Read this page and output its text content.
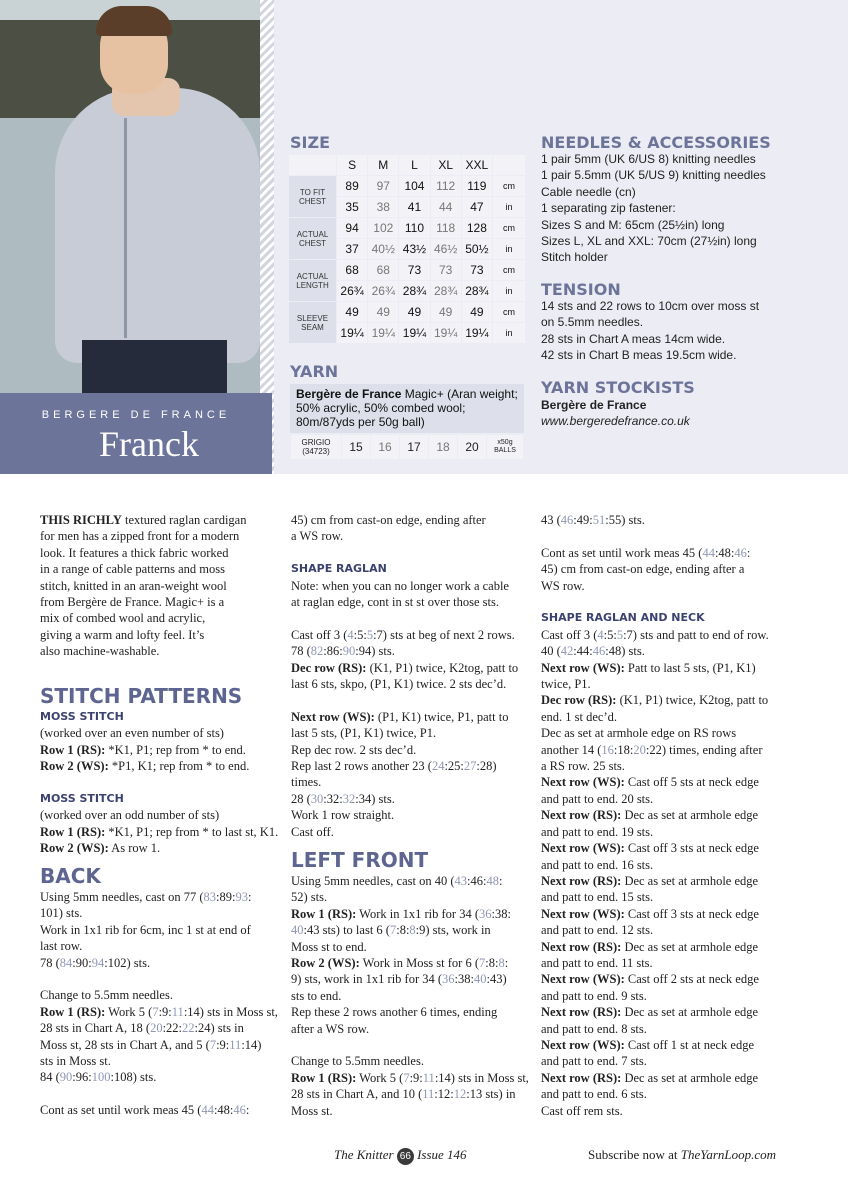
BERGERE DE FRANCE
Franck
SIZE
	S	M	L	XL	XXL	
TO FIT CHEST	89	97	104	112	119	cm
	35	38	41	44	47	in
ACTUAL CHEST	94	102	110	118	128	cm
	37	40½	43½	46½	50½	in
ACTUAL LENGTH	68	68	73	73	73	cm
	26¾	26¾	28¾	28¾	28¾	in
SLEEVE SEAM	49	49	49	49	49	cm
	19¼	19¼	19¼	19¼	19¼	in
YARN
Bergère de France Magic+ (Aran weight; 50% acrylic, 50% combed wool; 80m/87yds per 50g ball)
GRIGIO (34723)	15	16	17	18	20	x50g BALLS
NEEDLES & ACCESSORIES
1 pair 5mm (UK 6/US 8) knitting needles
1 pair 5.5mm (UK 5/US 9) knitting needles
Cable needle (cn)
1 separating zip fastener:
Sizes S and M: 65cm (25½in) long
Sizes L, XL and XXL: 70cm (27½in) long
Stitch holder
TENSION
14 sts and 22 rows to 10cm over moss st
on 5.5mm needles.
28 sts in Chart A meas 14cm wide.
42 sts in Chart B meas 19.5cm wide.
YARN STOCKISTS
Bergère de France
www.bergeredefrance.co.uk

THIS RICHLY textured raglan cardigan

for men has a zipped front for a modern

look. It features a thick fabric worked

in a range of cable patterns and moss

stitch, knitted in an aran-weight wool

from Bergère de France. Magic+ is a

mix of combed wool and acrylic,

giving a warm and lofty feel. It’s

also machine-washable.

STITCH PATTERNS

MOSS STITCH

(worked over an even number of sts)

Row 1 (RS): *K1, P1; rep from * to end.

Row 2 (WS): *P1, K1; rep from * to end.

MOSS STITCH

(worked over an odd number of sts)

Row 1 (RS): *K1, P1; rep from * to last st, K1.

Row 2 (WS): As row 1.

BACK

Using 5mm needles, cast on 77 (83:89:93:

101) sts.

Work in 1x1 rib for 6cm, inc 1 st at end of

last row.

78 (84:90:94:102) sts.

Change to 5.5mm needles.

Row 1 (RS): Work 5 (7:9:11:14) sts in Moss st,

28 sts in Chart A, 18 (20:22:22:24) sts in

Moss st, 28 sts in Chart A, and 5 (7:9:11:14)

sts in Moss st.

84 (90:96:100:108) sts.

Cont as set until work meas 45 (44:48:46:

45) cm from cast-on edge, ending after

a WS row.

SHAPE RAGLAN

Note: when you can no longer work a cable

at raglan edge, cont in st st over those sts.

Cast off 3 (4:5:5:7) sts at beg of next 2 rows.

78 (82:86:90:94) sts.

Dec row (RS): (K1, P1) twice, K2tog, patt to

last 6 sts, skpo, (P1, K1) twice. 2 sts dec’d.

Next row (WS): (P1, K1) twice, P1, patt to

last 5 sts, (P1, K1) twice, P1.

Rep dec row. 2 sts dec’d.

Rep last 2 rows another 23 (24:25:27:28)

times.

28 (30:32:32:34) sts.

Work 1 row straight.

Cast off.

LEFT FRONT

Using 5mm needles, cast on 40 (43:46:48:

52) sts.

Row 1 (RS): Work in 1x1 rib for 34 (36:38:

40:43 sts) to last 6 (7:8:8:9) sts, work in

Moss st to end.

Row 2 (WS): Work in Moss st for 6 (7:8:8:

9) sts, work in 1x1 rib for 34 (36:38:40:43)

sts to end.

Rep these 2 rows another 6 times, ending

after a WS row.

Change to 5.5mm needles.

Row 1 (RS): Work 5 (7:9:11:14) sts in Moss st,

28 sts in Chart A, and 10 (11:12:12:13 sts) in

Moss st.

43 (46:49:51:55) sts.

Cont as set until work meas 45 (44:48:46:

45) cm from cast-on edge, ending after a

WS row.

SHAPE RAGLAN AND NECK

Cast off 3 (4:5:5:7) sts and patt to end of row.

40 (42:44:46:48) sts.

Next row (WS): Patt to last 5 sts, (P1, K1)

twice, P1.

Dec row (RS): (K1, P1) twice, K2tog, patt to

end. 1 st dec’d.

Dec as set at armhole edge on RS rows

another 14 (16:18:20:22) times, ending after

a RS row. 25 sts.

Next row (WS): Cast off 5 sts at neck edge

and patt to end. 20 sts.

Next row (RS): Dec as set at armhole edge

and patt to end. 19 sts.

Next row (WS): Cast off 3 sts at neck edge

and patt to end. 16 sts.

Next row (RS): Dec as set at armhole edge

and patt to end. 15 sts.

Next row (WS): Cast off 3 sts at neck edge

and patt to end. 12 sts.

Next row (RS): Dec as set at armhole edge

and patt to end. 11 sts.

Next row (WS): Cast off 2 sts at neck edge

and patt to end. 9 sts.

Next row (RS): Dec as set at armhole edge

and patt to end. 8 sts.

Next row (WS): Cast off 1 st at neck edge

and patt to end. 7 sts.

Next row (RS): Dec as set at armhole edge

and patt to end. 6 sts.

Cast off rem sts.

The Knitter 66 Issue 146	Subscribe now at TheYarnLoop.com
